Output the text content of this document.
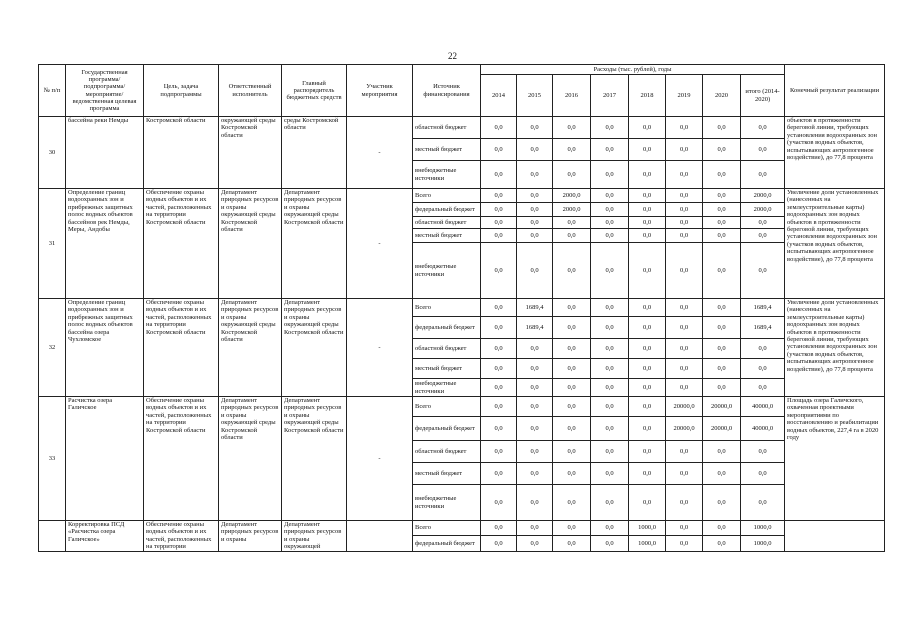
22
№ п/п	Государственная программа/подпрограмма/мероприятие/ведомственная целевая программа	Цель, задача подпрограммы	Ответственный исполнитель	Главный распорядитель бюджетных средств	Участник мероприятия	Источник финансирования	Расходы (тыс. рублей), годы								Конечный результат реализации
							2014	2015	2016	2017	2018	2019	2020	итого (2014-2020)	
30	бассейна реки Немды	Костромской области	окружающей среды Костромской области	среды Костромской области	-	областной бюджет	0,0	0,0	0,0	0,0	0,0	0,0	0,0	0,0	объектов в протяженности береговой линии, требующих установления водоохранных зон (участков водных объектов, испытывающих антропогенное воздействие), до 77,8 процента
						местный бюджет	0,0	0,0	0,0	0,0	0,0	0,0	0,0	0,0	
						внебюджетные источники	0,0	0,0	0,0	0,0	0,0	0,0	0,0	0,0	
31	Определение границ водоохранных зон и прибрежных защитных полос водных объектов бассейнов рек Немды, Меры, Андобы	Обеспечение охраны водных объектов и их частей, расположенных на территории Костромской области	Департамент природных ресурсов и охраны окружающей среды Костромской области	Департамент природных ресурсов и охраны окружающей среды Костромской области	-	Всего	0,0	0,0	2000,0	0,0	0,0	0,0	0,0	2000,0	Увеличение доли установленных (нанесенных на землеустроительные карты) водоохранных зон водных объектов в протяженности береговой линии, требующих установления водоохранных зон (участков водных объектов, испытывающих антропогенное воздействие), до 77,8 процента
						федеральный бюджет	0,0	0,0	2000,0	0,0	0,0	0,0	0,0	2000,0	
						областной бюджет	0,0	0,0	0,0	0,0	0,0	0,0	0,0	0,0	
						местный бюджет	0,0	0,0	0,0	0,0	0,0	0,0	0,0	0,0	
						внебюджетные источники	0,0	0,0	0,0	0,0	0,0	0,0	0,0	0,0	
32	Определение границ водоохранных зон и прибрежных защитных полос водных объектов бассейна озера Чухломское	Обеспечение охраны водных объектов и их частей, расположенных на территории Костромской области	Департамент природных ресурсов и охраны окружающей среды Костромской области	Департамент природных ресурсов и охраны окружающей среды Костромской области	-	Всего	0,0	1689,4	0,0	0,0	0,0	0,0	0,0	1689,4	Увеличение доли установленных (нанесенных на землеустроительные карты) водоохранных зон водных объектов в протяженности береговой линии, требующих установления водоохранных зон (участков водных объектов, испытывающих антропогенное воздействие), до 77,8 процента
						федеральный бюджет	0,0	1689,4	0,0	0,0	0,0	0,0	0,0	1689,4	
						областной бюджет	0,0	0,0	0,0	0,0	0,0	0,0	0,0	0,0	
						местный бюджет	0,0	0,0	0,0	0,0	0,0	0,0	0,0	0,0	
						внебюджетные источники	0,0	0,0	0,0	0,0	0,0	0,0	0,0	0,0	
33	Расчистка озера Галичское	Обеспечение охраны водных объектов и их частей, расположенных на территории Костромской области	Департамент природных ресурсов и охраны окружающей среды Костромской области	Департамент природных ресурсов и охраны окружающей среды Костромской области	-	Всего	0,0	0,0	0,0	0,0	0,0	20000,0	20000,0	40000,0	Площадь озера Галичского, охваченная проектными мероприятиями по восстановлению и реабилитации водных объектов, 227,4 га в 2020 году
						федеральный бюджет	0,0	0,0	0,0	0,0	0,0	20000,0	20000,0	40000,0	
						областной бюджет	0,0	0,0	0,0	0,0	0,0	0,0	0,0	0,0	
						местный бюджет	0,0	0,0	0,0	0,0	0,0	0,0	0,0	0,0	
						внебюджетные источники	0,0	0,0	0,0	0,0	0,0	0,0	0,0	0,0	
	Корректировка ПСД «Расчистка озера Галичское»	Обеспечение охраны водных объектов и их частей, расположенных на территории	Департамент природных ресурсов и охраны	Департамент природных ресурсов и охраны окружающей		Всего	0,0	0,0	0,0	0,0	1000,0	0,0	0,0	1000,0	
						федеральный бюджет	0,0	0,0	0,0	0,0	1000,0	0,0	0,0	1000,0	
